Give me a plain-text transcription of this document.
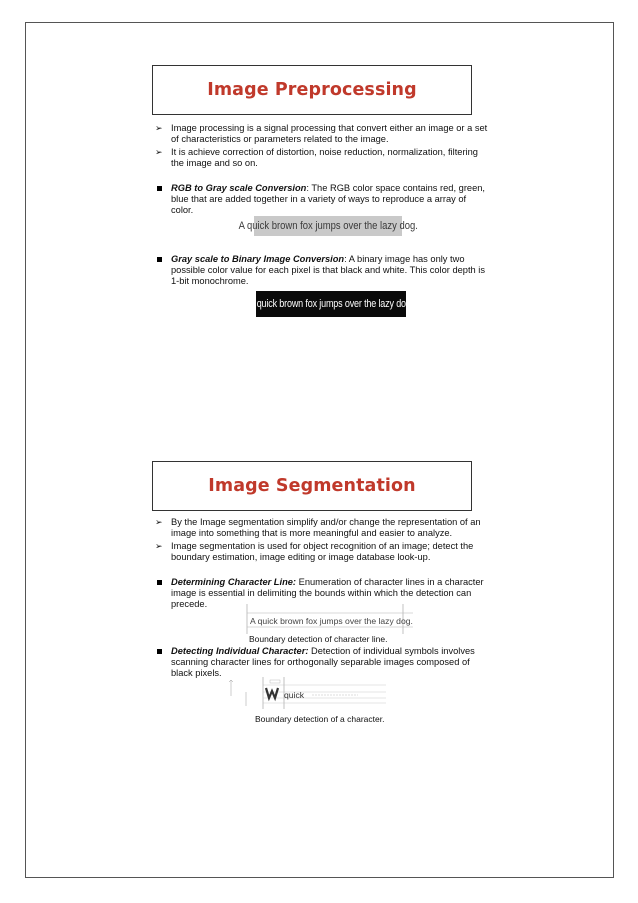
Image Preprocessing
➢ Image processing is a signal processing that convert either an image or a set of characteristics or parameters related to the image.
➢ It is achieve correction of distortion, noise reduction, normalization, filtering the image and so on.
RGB to Gray scale Conversion: The RGB color space contains red, green, blue that are added together in a variety of ways to reproduce a array of color.
A quick brown fox jumps over the lazy dog.
Gray scale to Binary Image Conversion: A binary image has only two possible color value for each pixel is that black and white. This color depth is 1-bit monochrome.
A quick brown fox jumps over the lazy dog.
Image Segmentation
➢ By the Image segmentation simplify and/or change the representation of an image into something that is more meaningful and easier to analyze.
➢ Image segmentation is used for object recognition of an image; detect the boundary estimation, image editing or image database look-up.
Determining Character Line: Enumeration of character lines in a character image is essential in delimiting the bounds within which the detection can precede.
A quick brown fox jumps over the lazy dog.
Boundary detection of character line.
Detecting Individual Character: Detection of individual symbols involves scanning character lines for orthogonally separable images composed of black pixels.
quick
Boundary detection of a character.
